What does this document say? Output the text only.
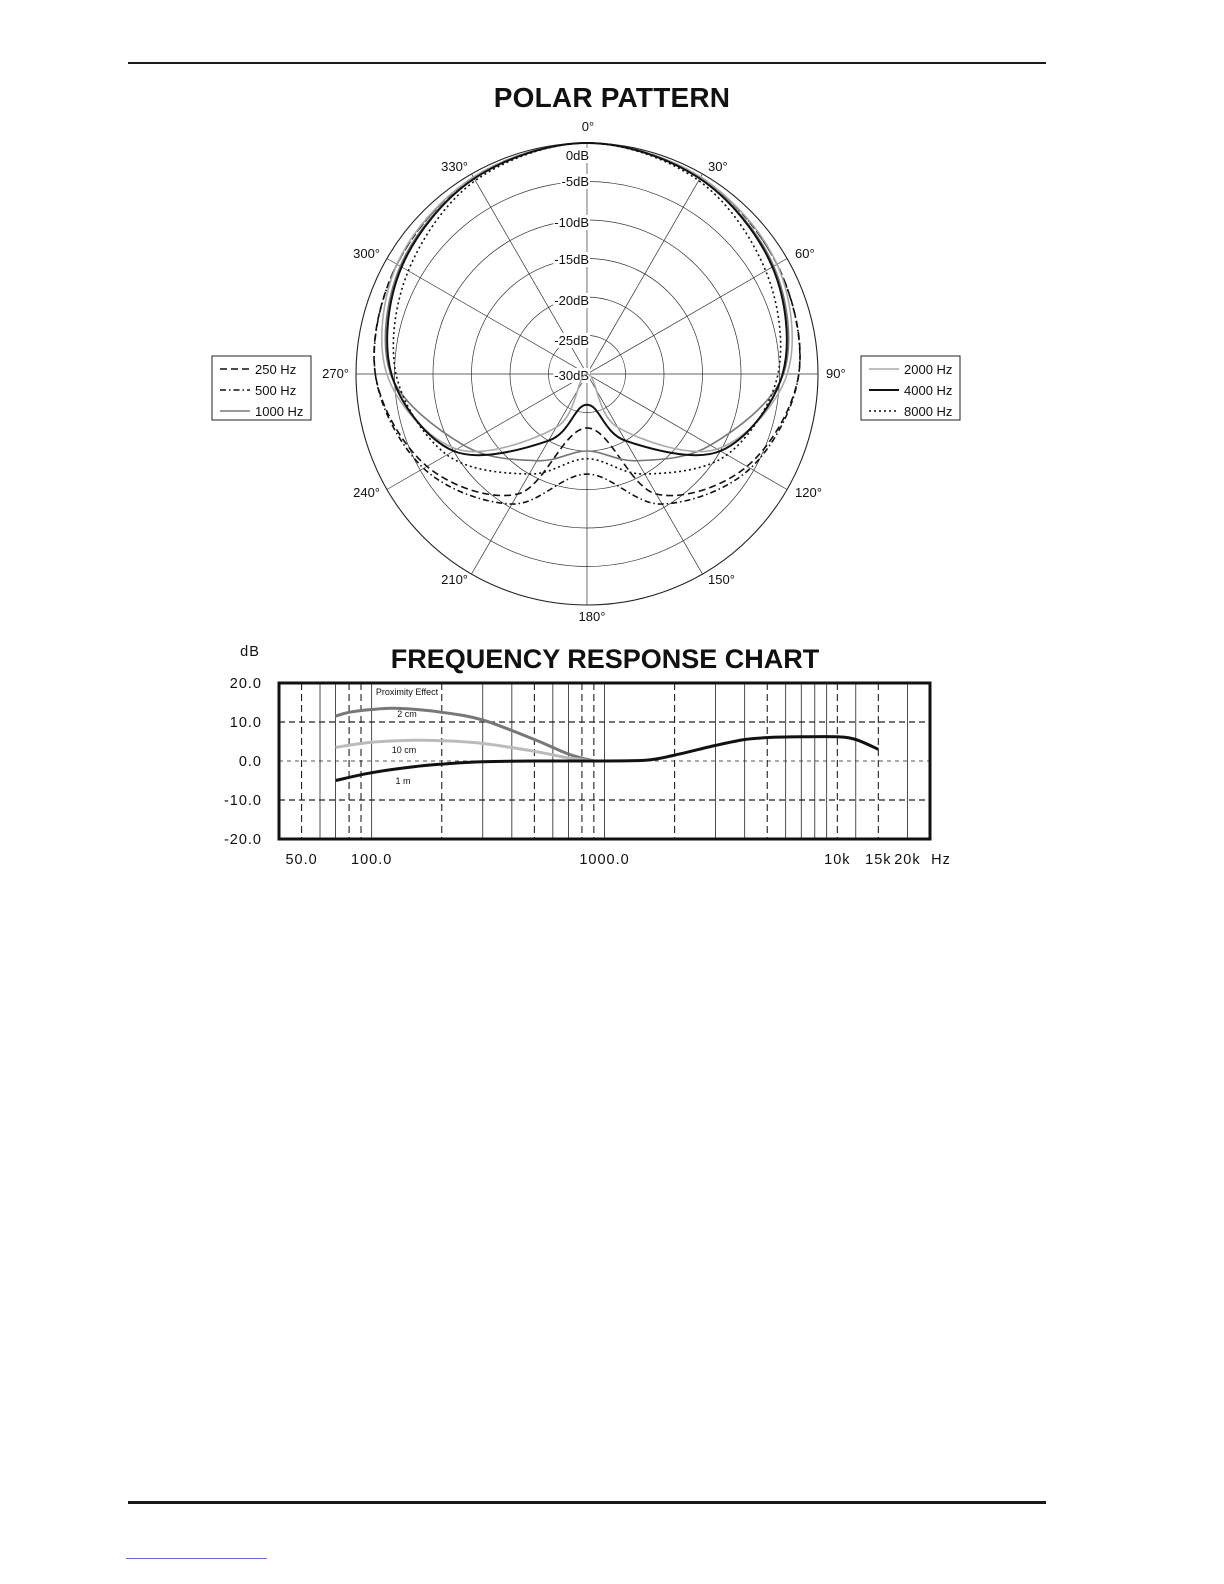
POLAR PATTERN
0dB
-5dB
-10dB
-15dB
-20dB
-25dB
-30dB
0°
30°
60°
90°
120°
150°
180°
210°
240°
270°
300°
330°
250 Hz
500 Hz
1000 Hz
2000 Hz
4000 Hz
8000 Hz
FREQUENCY RESPONSE CHART
dB
20.0
10.0
0.0
-10.0
-20.0
50.0 100.0	1000.0	10k 15k 20k Hz
Proximity Effect
2 cm
10 cm
1 m
